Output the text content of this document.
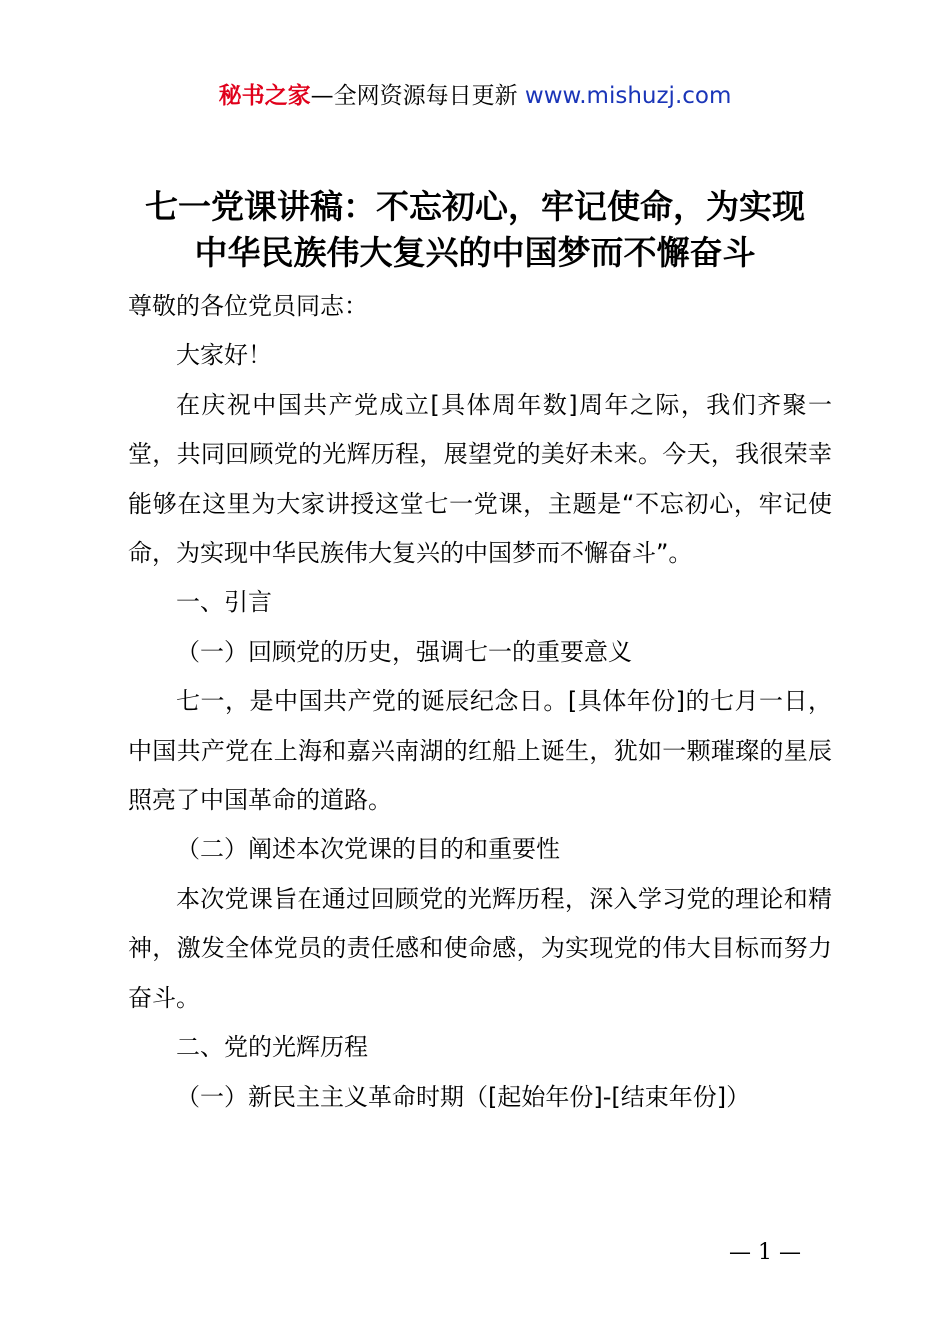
秘书之家—全网资源每日更新 www.mishuzj.com
七一党课讲稿：不忘初心，牢记使命，为实现
中华民族伟大复兴的中国梦而不懈奋斗

尊敬的各位党员同志：

大家好！

在庆祝中国共产党成立[具体周年数]周年之际，我们齐聚一堂，共同回顾党的光辉历程，展望党的美好未来。今天，我很荣幸能够在这里为大家讲授这堂七一党课，主题是“不忘初心，牢记使命，为实现中华民族伟大复兴的中国梦而不懈奋斗”。

一、引言

（一）回顾党的历史，强调七一的重要意义

七一，是中国共产党的诞辰纪念日。[具体年份]的七月一日，中国共产党在上海和嘉兴南湖的红船上诞生，犹如一颗璀璨的星辰照亮了中国革命的道路。

（二）阐述本次党课的目的和重要性

本次党课旨在通过回顾党的光辉历程，深入学习党的理论和精神，激发全体党员的责任感和使命感，为实现党的伟大目标而努力奋斗。

二、党的光辉历程

（一）新民主主义革命时期（[起始年份]-[结束年份]）

— 1 —
